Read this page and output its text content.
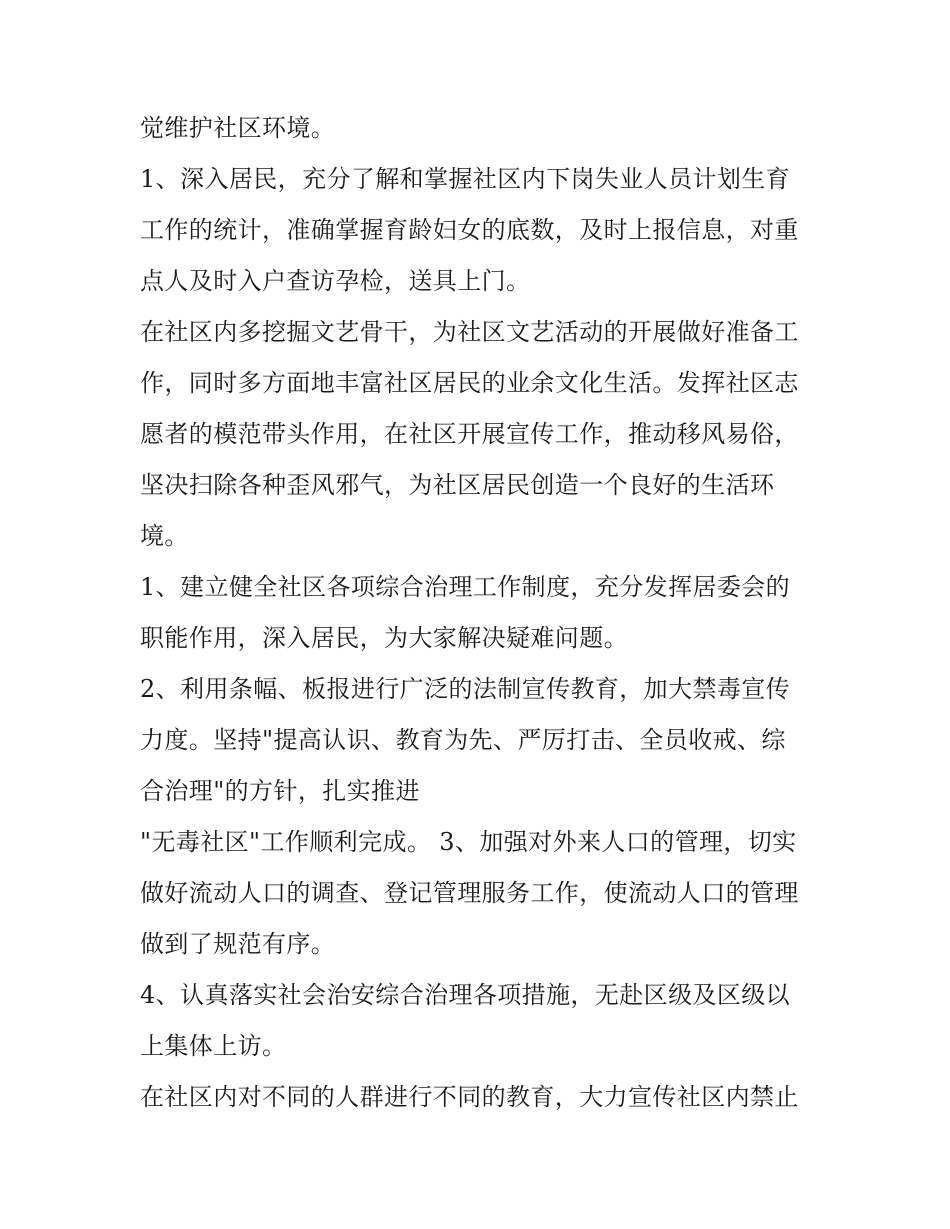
觉维护社区环境。
1、深入居民，充分了解和掌握社区内下岗失业人员计划生育
工作的统计，准确掌握育龄妇女的底数，及时上报信息，对重
点人及时入户查访孕检，送具上门。
在社区内多挖掘文艺骨干，为社区文艺活动的开展做好准备工
作，同时多方面地丰富社区居民的业余文化生活。发挥社区志
愿者的模范带头作用，在社区开展宣传工作，推动移风易俗，
坚决扫除各种歪风邪气，为社区居民创造一个良好的生活环
境。
1、建立健全社区各项综合治理工作制度，充分发挥居委会的
职能作用，深入居民，为大家解决疑难问题。
2、利用条幅、板报进行广泛的法制宣传教育，加大禁毒宣传
力度。坚持"提高认识、教育为先、严厉打击、全员收戒、综
合治理"的方针，扎实推进
"无毒社区"工作顺利完成。 3、加强对外来人口的管理，切实
做好流动人口的调查、登记管理服务工作，使流动人口的管理
做到了规范有序。
4、认真落实社会治安综合治理各项措施，无赴区级及区级以
上集体上访。
在社区内对不同的人群进行不同的教育，大力宣传社区内禁止
